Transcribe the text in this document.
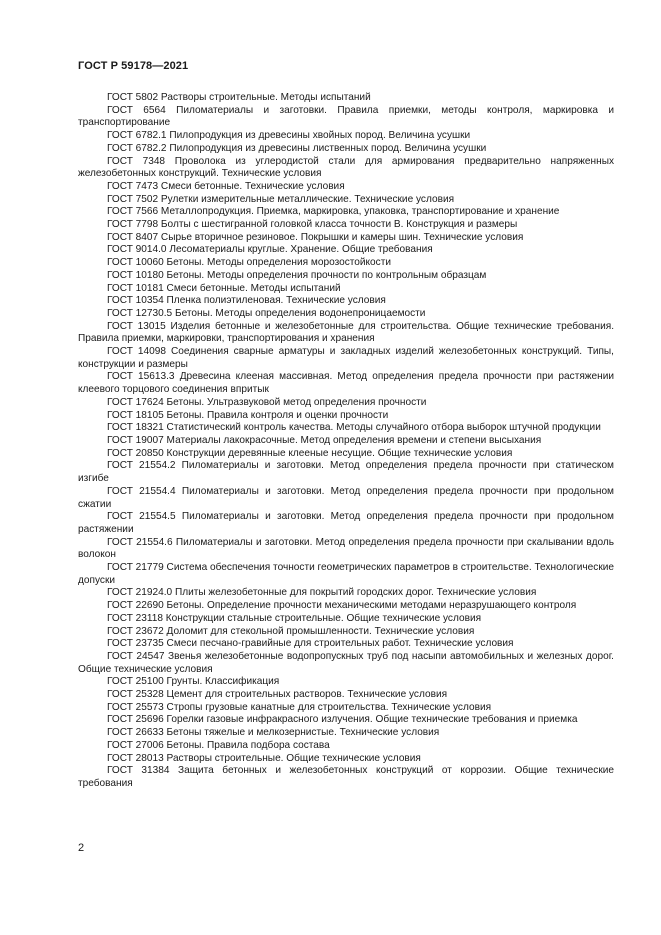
ГОСТ Р 59178—2021
ГОСТ 5802 Растворы строительные. Методы испытаний
ГОСТ 6564 Пиломатериалы и заготовки. Правила приемки, методы контроля, маркировка и транспортирование
ГОСТ 6782.1 Пилопродукция из древесины хвойных пород. Величина усушки
ГОСТ 6782.2 Пилопродукция из древесины лиственных пород. Величина усушки
ГОСТ 7348 Проволока из углеродистой стали для армирования предварительно напряженных железобетонных конструкций. Технические условия
ГОСТ 7473 Смеси бетонные. Технические условия
ГОСТ 7502 Рулетки измерительные металлические. Технические условия
ГОСТ 7566 Металлопродукция. Приемка, маркировка, упаковка, транспортирование и хранение
ГОСТ 7798 Болты с шестигранной головкой класса точности В. Конструкция и размеры
ГОСТ 8407 Сырье вторичное резиновое. Покрышки и камеры шин. Технические условия
ГОСТ 9014.0 Лесоматериалы круглые. Хранение. Общие требования
ГОСТ 10060 Бетоны. Методы определения морозостойкости
ГОСТ 10180 Бетоны. Методы определения прочности по контрольным образцам
ГОСТ 10181 Смеси бетонные. Методы испытаний
ГОСТ 10354 Пленка полиэтиленовая. Технические условия
ГОСТ 12730.5 Бетоны. Методы определения водонепроницаемости
ГОСТ 13015 Изделия бетонные и железобетонные для строительства. Общие технические требования. Правила приемки, маркировки, транспортирования и хранения
ГОСТ 14098 Соединения сварные арматуры и закладных изделий железобетонных конструкций. Типы, конструкции и размеры
ГОСТ 15613.3 Древесина клееная массивная. Метод определения предела прочности при растяжении клеевого торцового соединения впритык
ГОСТ 17624 Бетоны. Ультразвуковой метод определения прочности
ГОСТ 18105 Бетоны. Правила контроля и оценки прочности
ГОСТ 18321 Статистический контроль качества. Методы случайного отбора выборок штучной продукции
ГОСТ 19007 Материалы лакокрасочные. Метод определения времени и степени высыхания
ГОСТ 20850 Конструкции деревянные клееные несущие. Общие технические условия
ГОСТ 21554.2 Пиломатериалы и заготовки. Метод определения предела прочности при статическом изгибе
ГОСТ 21554.4 Пиломатериалы и заготовки. Метод определения предела прочности при продольном сжатии
ГОСТ 21554.5 Пиломатериалы и заготовки. Метод определения предела прочности при продольном растяжении
ГОСТ 21554.6 Пиломатериалы и заготовки. Метод определения предела прочности при скалывании вдоль волокон
ГОСТ 21779 Система обеспечения точности геометрических параметров в строительстве. Технологические допуски
ГОСТ 21924.0 Плиты железобетонные для покрытий городских дорог. Технические условия
ГОСТ 22690 Бетоны. Определение прочности механическими методами неразрушающего контроля
ГОСТ 23118 Конструкции стальные строительные. Общие технические условия
ГОСТ 23672 Доломит для стекольной промышленности. Технические условия
ГОСТ 23735 Смеси песчано-гравийные для строительных работ. Технические условия
ГОСТ 24547 Звенья железобетонные водопропускных труб под насыпи автомобильных и железных дорог. Общие технические условия
ГОСТ 25100 Грунты. Классификация
ГОСТ 25328 Цемент для строительных растворов. Технические условия
ГОСТ 25573 Стропы грузовые канатные для строительства. Технические условия
ГОСТ 25696 Горелки газовые инфракрасного излучения. Общие технические требования и приемка
ГОСТ 26633 Бетоны тяжелые и мелкозернистые. Технические условия
ГОСТ 27006 Бетоны. Правила подбора состава
ГОСТ 28013 Растворы строительные. Общие технические условия
ГОСТ 31384 Защита бетонных и железобетонных конструкций от коррозии. Общие технические требования
2
